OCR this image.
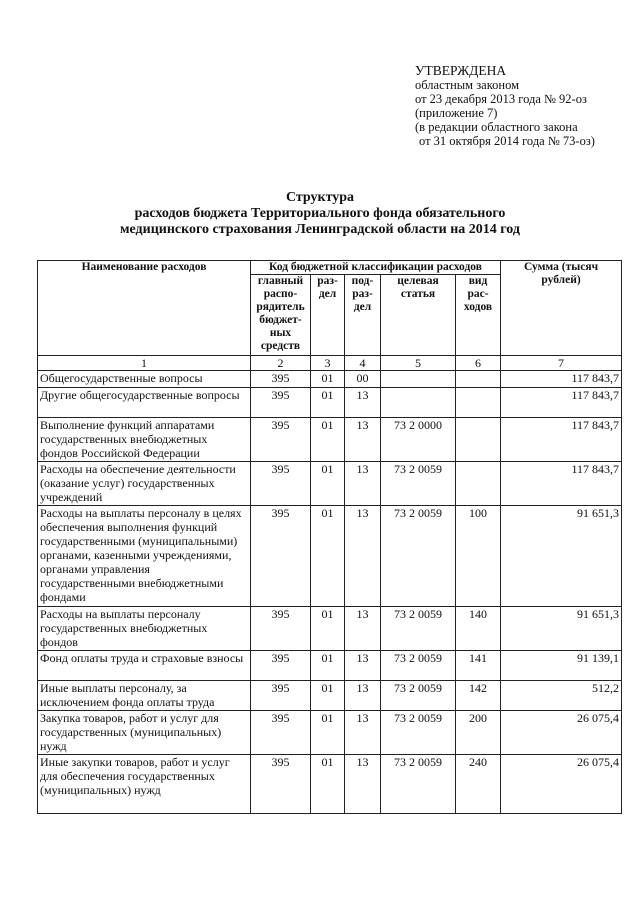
УТВЕРЖДЕНА
областным законом
от 23 декабря 2013 года № 92-оз
(приложение 7)
(в редакции областного закона
от 31 октября 2014 года № 73-оз)
Структура
расходов бюджета Территориального фонда обязательного
медицинского страхования Ленинградской области на 2014 год
Наименование расходов	Код бюджетной классификации расходов					Сумма (тысяч рублей)
	главный распо- рядитель бюджет- ных средств	раз- дел	под- раз- дел	целевая статья	вид рас- ходов	
1	2	3	4	5	6	7
Общегосударственные вопросы	395	01	00			117 843,7
Другие общегосударственные вопросы	395	01	13			117 843,7
Выполнение функций аппаратами государственных внебюджетных фондов Российской Федерации	395	01	13	73 2 0000		117 843,7
Расходы на обеспечение деятельности (оказание услуг) государственных учреждений	395	01	13	73 2 0059		117 843,7
Расходы на выплаты персоналу в целях обеспечения выполнения функций государственными (муниципальными) органами, казенными учреждениями, органами управления государственными внебюджетными фондами	395	01	13	73 2 0059	100	91 651,3
Расходы на выплаты персоналу государственных внебюджетных фондов	395	01	13	73 2 0059	140	91 651,3
Фонд оплаты труда и страховые взносы	395	01	13	73 2 0059	141	91 139,1
Иные выплаты персоналу, за исключением фонда оплаты труда	395	01	13	73 2 0059	142	512,2
Закупка товаров, работ и услуг для государственных (муниципальных) нужд	395	01	13	73 2 0059	200	26 075,4
Иные закупки товаров, работ и услуг для обеспечения государственных (муниципальных) нужд	395	01	13	73 2 0059	240	26 075,4
